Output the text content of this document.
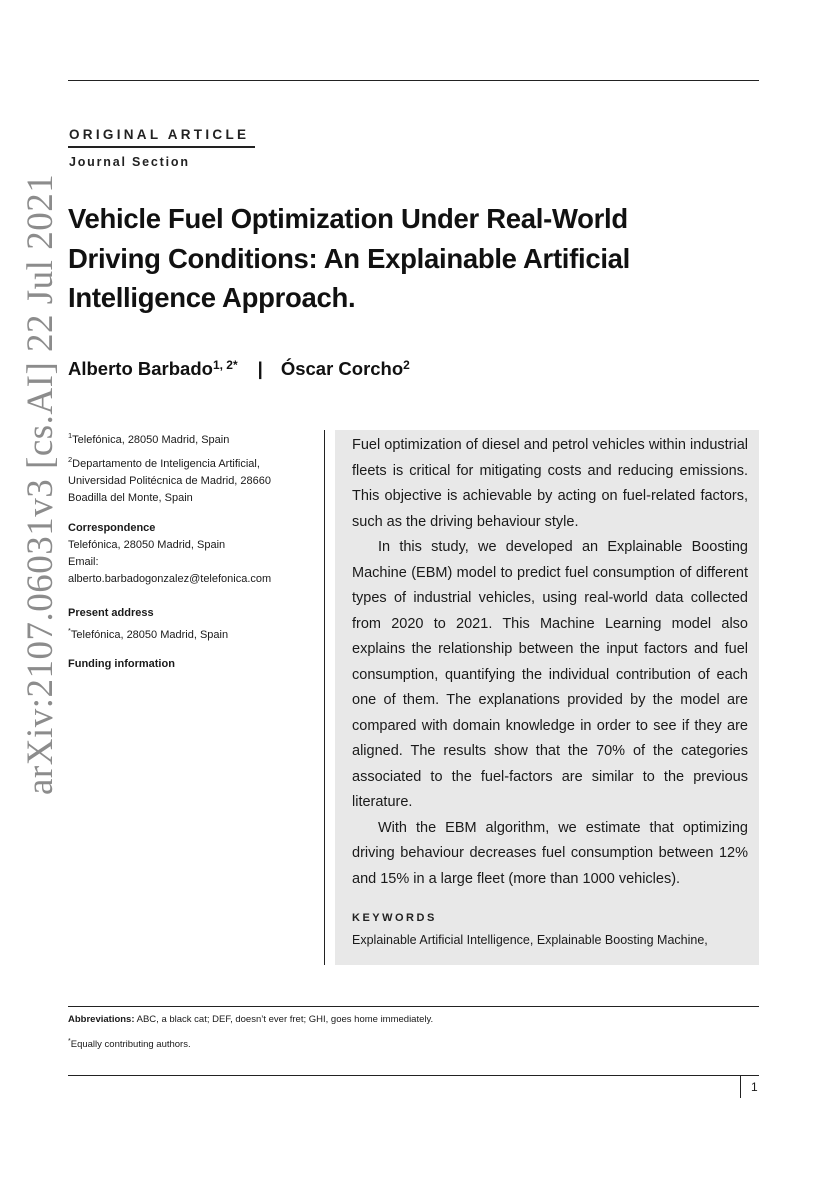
arXiv:2107.06031v3 [cs.AI] 22 Jul 2021
ORIGINAL ARTICLE
Journal Section
Vehicle Fuel Optimization Under Real-World
Driving Conditions: An Explainable Artificial
Intelligence Approach.
Alberto Barbado$^{1, 2*}$ | Óscar Corcho$^2$
$^1$Telefónica, 28050 Madrid, Spain
$^2$Departamento de Inteligencia Artificial,
Universidad Politécnica de Madrid, 28660
Boadilla del Monte, Spain
Correspondence
Telefónica, 28050 Madrid, Spain
Email:
alberto.barbadogonzalez@telefonica.com
Present address
*Telefónica, 28050 Madrid, Spain
Funding information

Fuel optimization of diesel and petrol vehicles within industrial fleets is critical for mitigating costs and reducing emissions. This objective is achievable by acting on fuel-related factors, such as the driving behaviour style.

In this study, we developed an Explainable Boosting Machine (EBM) model to predict fuel consumption of different types of industrial vehicles, using real-world data collected from 2020 to 2021. This Machine Learning model also explains the relationship between the input factors and fuel consumption, quantifying the individual contribution of each one of them. The explanations provided by the model are compared with domain knowledge in order to see if they are aligned. The results show that the 70% of the categories associated to the fuel-factors are similar to the previous literature.

With the EBM algorithm, we estimate that optimizing driving behaviour decreases fuel consumption between 12% and 15% in a large fleet (more than 1000 vehicles).

KEYWORDS
Explainable Artificial Intelligence, Explainable Boosting Machine,
Abbreviations: ABC, a black cat; DEF, doesn’t ever fret; GHI, goes home immediately.
*Equally contributing authors.
1
